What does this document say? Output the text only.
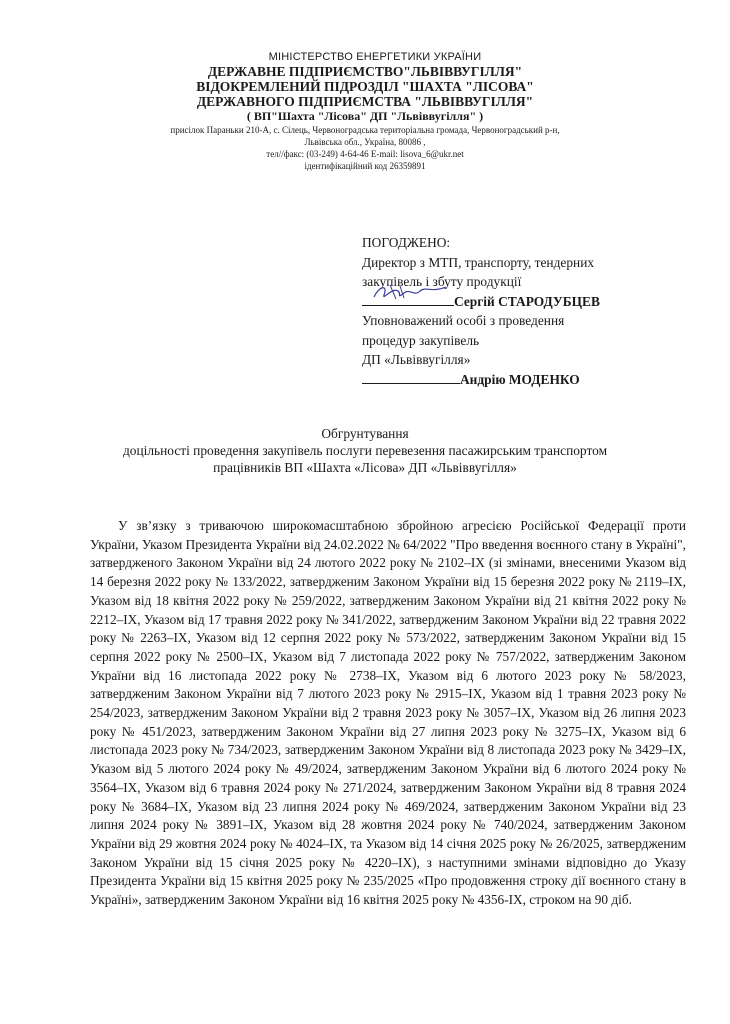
МІНІСТЕРСТВО ЕНЕРГЕТИКИ УКРАЇНИ

ДЕРЖАВНЕ ПІДПРИЄМСТВО"ЛЬВІВВУГІЛЛЯ"

ВІДОКРЕМЛЕНИЙ ПІДРОЗДІЛ "ШАХТА "ЛІСОВА"

ДЕРЖАВНОГО ПІДПРИЄМСТВА "ЛЬВІВВУГІЛЛЯ"

( ВП"Шахта "Лісова" ДП "Львіввугілля" )

присілок Параньки 210-А, с. Сілець, Червоноградська територіальна громада, Червоноградський р-н,

Львівська обл., Україна, 80086 ,

тел//факс: (03-249) 4-64-46 E-mail: lisova_6@ukr.net

ідентифікаційний код 26359891

ПОГОДЖЕНО:
Директор з МТП, транспорту, тендерних
закупівель і збуту продукції
Сергій СТАРОДУБЦЕВ
Уповноважений особі з проведення
процедур закупівель
ДП «Львіввугілля»
Андрію МОДЕНКО
Обгрунтування
доцільності проведення закупівель послуги перевезення пасажирським транспортом
працівників ВП «Шахта «Лісова» ДП «Львіввугілля»
У зв’язку з триваючою широкомасштабною збройною агресією Російської Федерації проти України, Указом Президента України від 24.02.2022 № 64/2022 "Про введення воєнного стану в Україні", затвердженого Законом України від 24 лютого 2022 року № 2102–IX (зі змінами, внесеними Указом від 14 березня 2022 року № 133/2022, затвердженим Законом України від 15 березня 2022 року № 2119–IX, Указом від 18 квітня 2022 року № 259/2022, затвердженим Законом України від 21 квітня 2022 року № 2212–IX, Указом від 17 травня 2022 року № 341/2022, затвердженим Законом України від 22 травня 2022 року № 2263–IX, Указом від 12 серпня 2022 року № 573/2022, затвердженим Законом України від 15 серпня 2022 року № 2500–IX, Указом від 7 листопада 2022 року № 757/2022, затвердженим Законом України від 16 листопада 2022 року № 2738–IX, Указом від 6 лютого 2023 року № 58/2023, затвердженим Законом України від 7 лютого 2023 року № 2915–IX, Указом від 1 травня 2023 року № 254/2023, затвердженим Законом України від 2 травня 2023 року № 3057–IX, Указом від 26 липня 2023 року № 451/2023, затвердженим Законом України від 27 липня 2023 року № 3275–IX, Указом від 6 листопада 2023 року № 734/2023, затвердженим Законом України від 8 листопада 2023 року № 3429–IX, Указом від 5 лютого 2024 року № 49/2024, затвердженим Законом України від 6 лютого 2024 року № 3564–IX, Указом від 6 травня 2024 року № 271/2024, затвердженим Законом України від 8 травня 2024 року № 3684–IX, Указом від 23 липня 2024 року № 469/2024, затвердженим Законом України від 23 липня 2024 року № 3891–IX, Указом від 28 жовтня 2024 року № 740/2024, затвердженим Законом України від 29 жовтня 2024 року № 4024–IX, та Указом від 14 січня 2025 року № 26/2025, затвердженим Законом України від 15 січня 2025 року № 4220–IX), з наступними змінами відповідно до Указу Президента України від 15 квітня 2025 року № 235/2025 «Про продовження строку дії воєнного стану в Україні», затвердженим Законом України від 16 квітня 2025 року № 4356-IX, строком на 90 діб.
